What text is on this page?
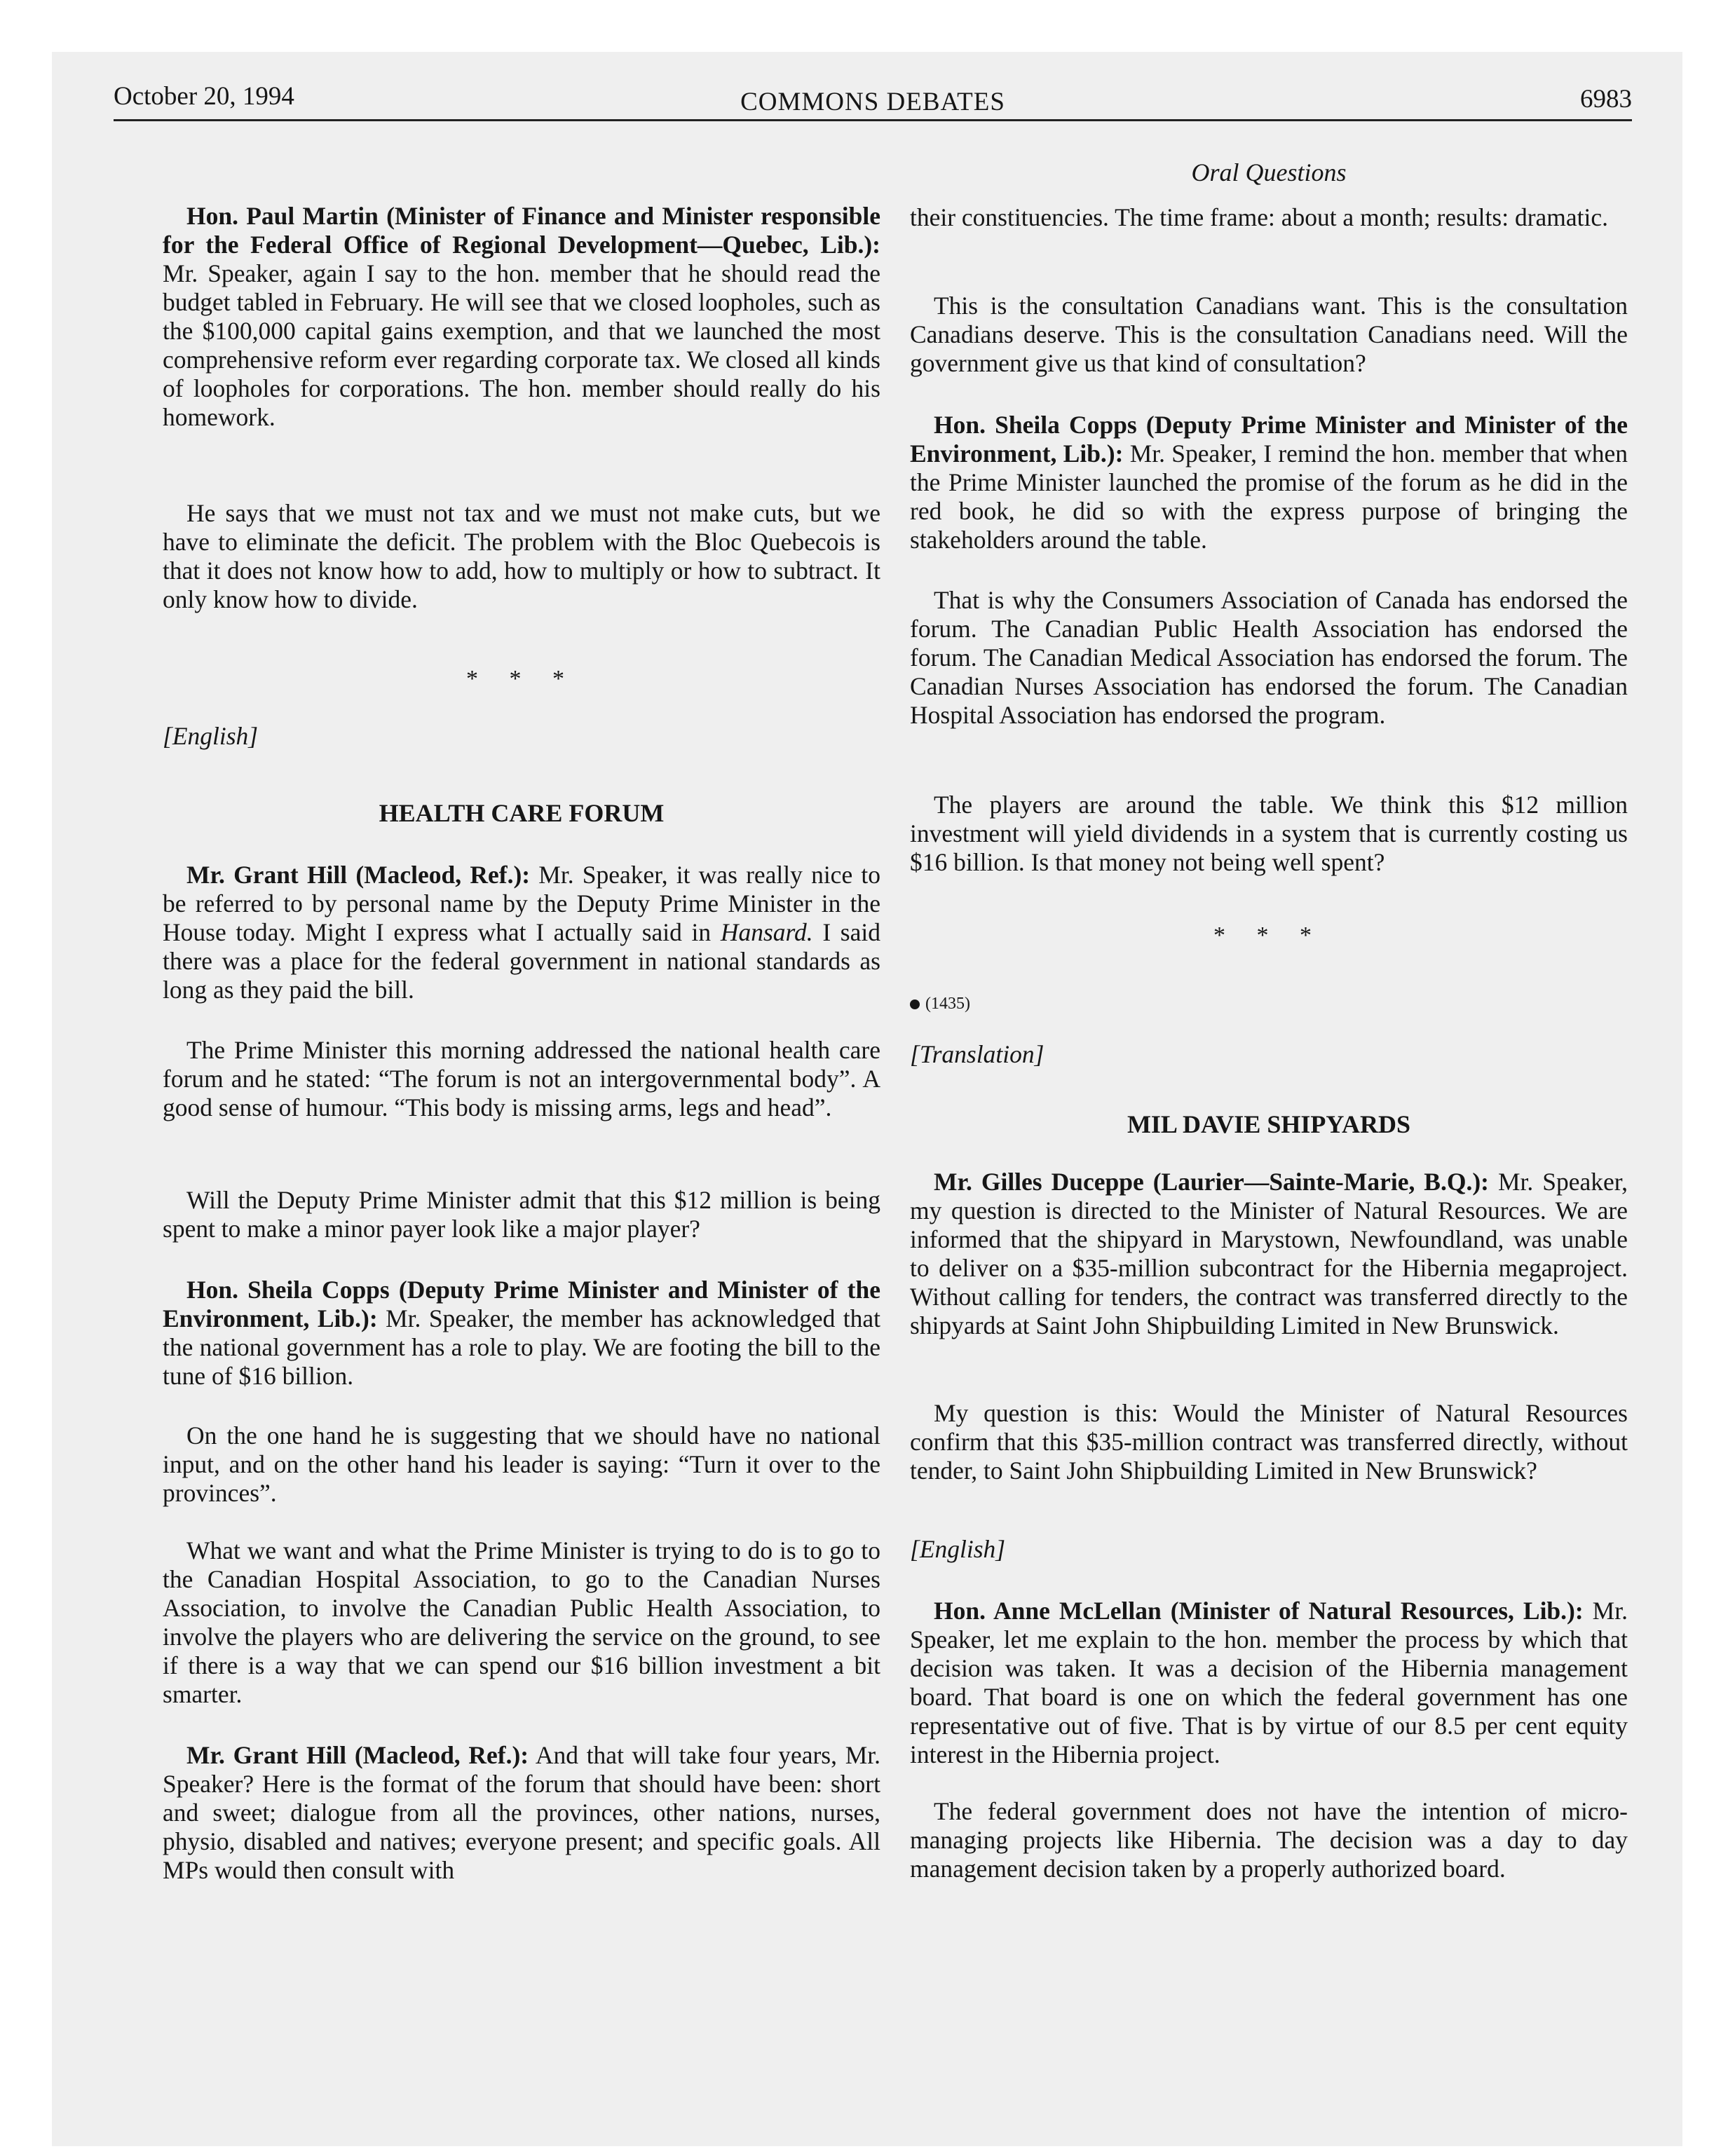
October 20, 1994	COMMONS DEBATES	6983

Hon. Paul Martin (Minister of Finance and Minister responsible for the Federal Office of Regional Development—Quebec, Lib.): Mr. Speaker, again I say to the hon. member that he should read the budget tabled in February. He will see that we closed loopholes, such as the $100,000 capital gains exemption, and that we launched the most comprehensive reform ever regarding corporate tax. We closed all kinds of loopholes for corporations. The hon. member should really do his homework.

He says that we must not tax and we must not make cuts, but we have to eliminate the deficit. The problem with the Bloc Quebecois is that it does not know how to add, how to multiply or how to subtract. It only know how to divide.

* * *
[English]
HEALTH CARE FORUM

Mr. Grant Hill (Macleod, Ref.): Mr. Speaker, it was really nice to be referred to by personal name by the Deputy Prime Minister in the House today. Might I express what I actually said in Hansard. I said there was a place for the federal government in national standards as long as they paid the bill.

The Prime Minister this morning addressed the national health care forum and he stated: “The forum is not an intergovernmental body”. A good sense of humour. “This body is missing arms, legs and head”.

Will the Deputy Prime Minister admit that this $12 million is being spent to make a minor payer look like a major player?

Hon. Sheila Copps (Deputy Prime Minister and Minister of the Environment, Lib.): Mr. Speaker, the member has acknowledged that the national government has a role to play. We are footing the bill to the tune of $16 billion.

On the one hand he is suggesting that we should have no national input, and on the other hand his leader is saying: “Turn it over to the provinces”.

What we want and what the Prime Minister is trying to do is to go to the Canadian Hospital Association, to go to the Canadian Nurses Association, to involve the Canadian Public Health Association, to involve the players who are delivering the service on the ground, to see if there is a way that we can spend our $16 billion investment a bit smarter.

Mr. Grant Hill (Macleod, Ref.): And that will take four years, Mr. Speaker? Here is the format of the forum that should have been: short and sweet; dialogue from all the provinces, other nations, nurses, physio, disabled and natives; everyone present; and specific goals. All MPs would then consult with

Oral Questions

their constituencies. The time frame: about a month; results: dramatic.

This is the consultation Canadians want. This is the consultation Canadians deserve. This is the consultation Canadians need. Will the government give us that kind of consultation?

Hon. Sheila Copps (Deputy Prime Minister and Minister of the Environment, Lib.): Mr. Speaker, I remind the hon. member that when the Prime Minister launched the promise of the forum as he did in the red book, he did so with the express purpose of bringing the stakeholders around the table.

That is why the Consumers Association of Canada has endorsed the forum. The Canadian Public Health Association has endorsed the forum. The Canadian Medical Association has endorsed the forum. The Canadian Nurses Association has endorsed the forum. The Canadian Hospital Association has endorsed the program.

The players are around the table. We think this $12 million investment will yield dividends in a system that is currently costing us $16 billion. Is that money not being well spent?

* * *
(1435)
[Translation]
MIL DAVIE SHIPYARDS

Mr. Gilles Duceppe (Laurier—Sainte-Marie, B.Q.): Mr. Speaker, my question is directed to the Minister of Natural Resources. We are informed that the shipyard in Marystown, Newfoundland, was unable to deliver on a $35-million subcontract for the Hibernia megaproject. Without calling for tenders, the contract was transferred directly to the shipyards at Saint John Shipbuilding Limited in New Brunswick.

My question is this: Would the Minister of Natural Resources confirm that this $35-million contract was transferred directly, without tender, to Saint John Shipbuilding Limited in New Brunswick?

[English]

Hon. Anne McLellan (Minister of Natural Resources, Lib.): Mr. Speaker, let me explain to the hon. member the process by which that decision was taken. It was a decision of the Hibernia management board. That board is one on which the federal government has one representative out of five. That is by virtue of our 8.5 per cent equity interest in the Hibernia project.

The federal government does not have the intention of micro-managing projects like Hibernia. The decision was a day to day management decision taken by a properly authorized board.
